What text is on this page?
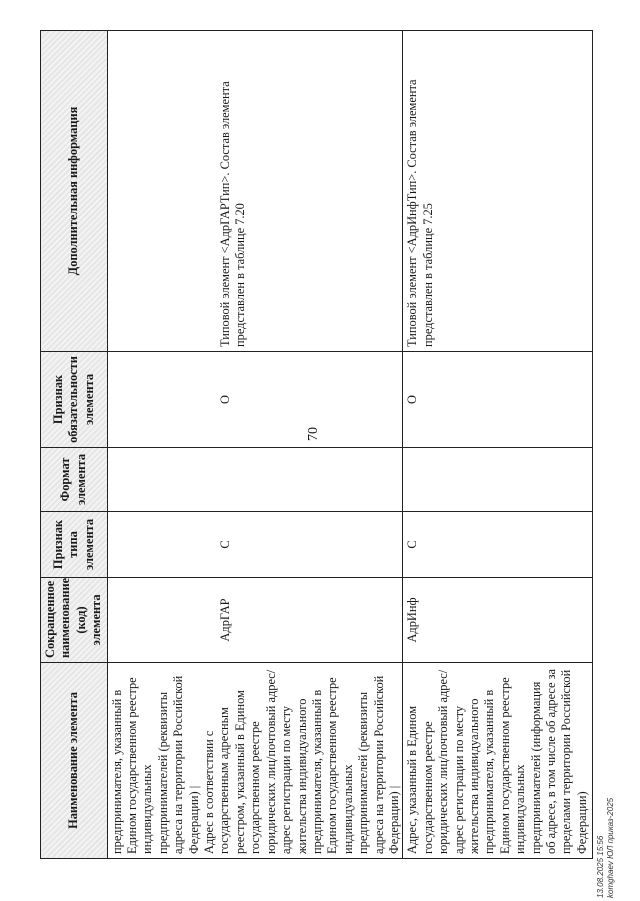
70
Наименование элемента	Сокращенное наименование (код) элемента	Признак типа элемента	Формат элемента	Признак обязательности элемента	Дополнительная информация

предпринимателя, указанный в Едином государственном реестре индивидуальных предпринимателей (реквизиты адреса на территории Российской Федерации) | Адрес в соответствии с государственным адресным реестром, указанный в Едином государственном реестре юридических лиц/почтовый адрес/адрес регистрации по месту жительства индивидуального предпринимателя, указанный в Едином государственном реестре индивидуальных предпринимателей (реквизиты адреса на территории Российской Федерации) |	АдрГАР	С		О	Типовой элемент <АдрГАРТип>. Состав элемента представлен в таблице 7.20

Адрес, указанный в Едином государственном реестре юридических лиц/почтовый адрес/адрес регистрации по месту жительства индивидуального предпринимателя, указанный в Едином государственном реестре индивидуальных предпринимателей (информация об адресе, в том числе об адресе за пределами территории Российской Федерации)	АдрИнф	С		О	Типовой элемент <АдрИнфТип>. Состав элемента представлен в таблице 7.25
13.08.2025 15:56 komghaev ЮЛ приказ-2025
